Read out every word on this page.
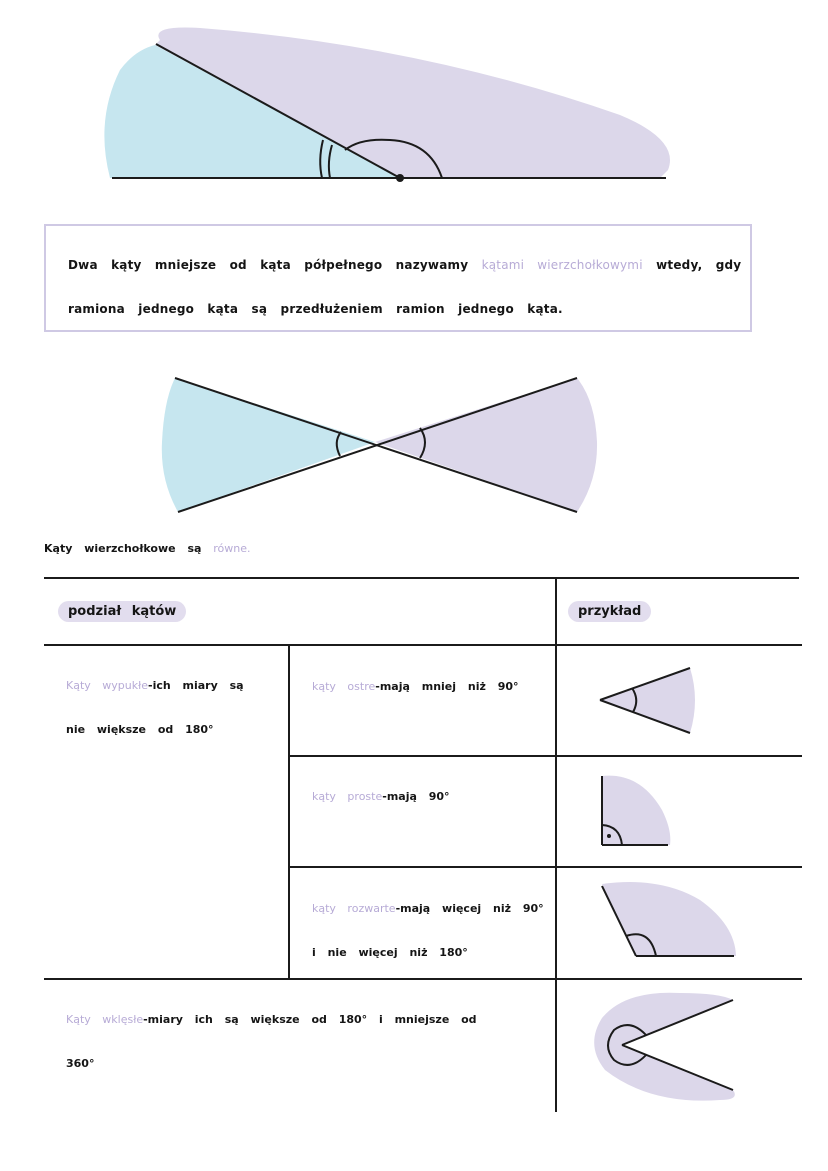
Dwa kąty mniejsze od kąta półpełnego nazywamy kątami wierzchołkowymi wtedy, gdy
ramiona jednego kąta są przedłużeniem ramion jednego kąta.
Kąty wierzchołkowe są równe.
podział kątów	przykład
Kąty wypukłe-ich miary są
nie większe od 180°
kąty ostre-mają mniej niż 90°
kąty proste-mają 90°
kąty rozwarte-mają więcej niż 90°
i nie więcej niż 180°
Kąty wklęsłe-miary ich są większe od 180° i mniejsze od
360°
